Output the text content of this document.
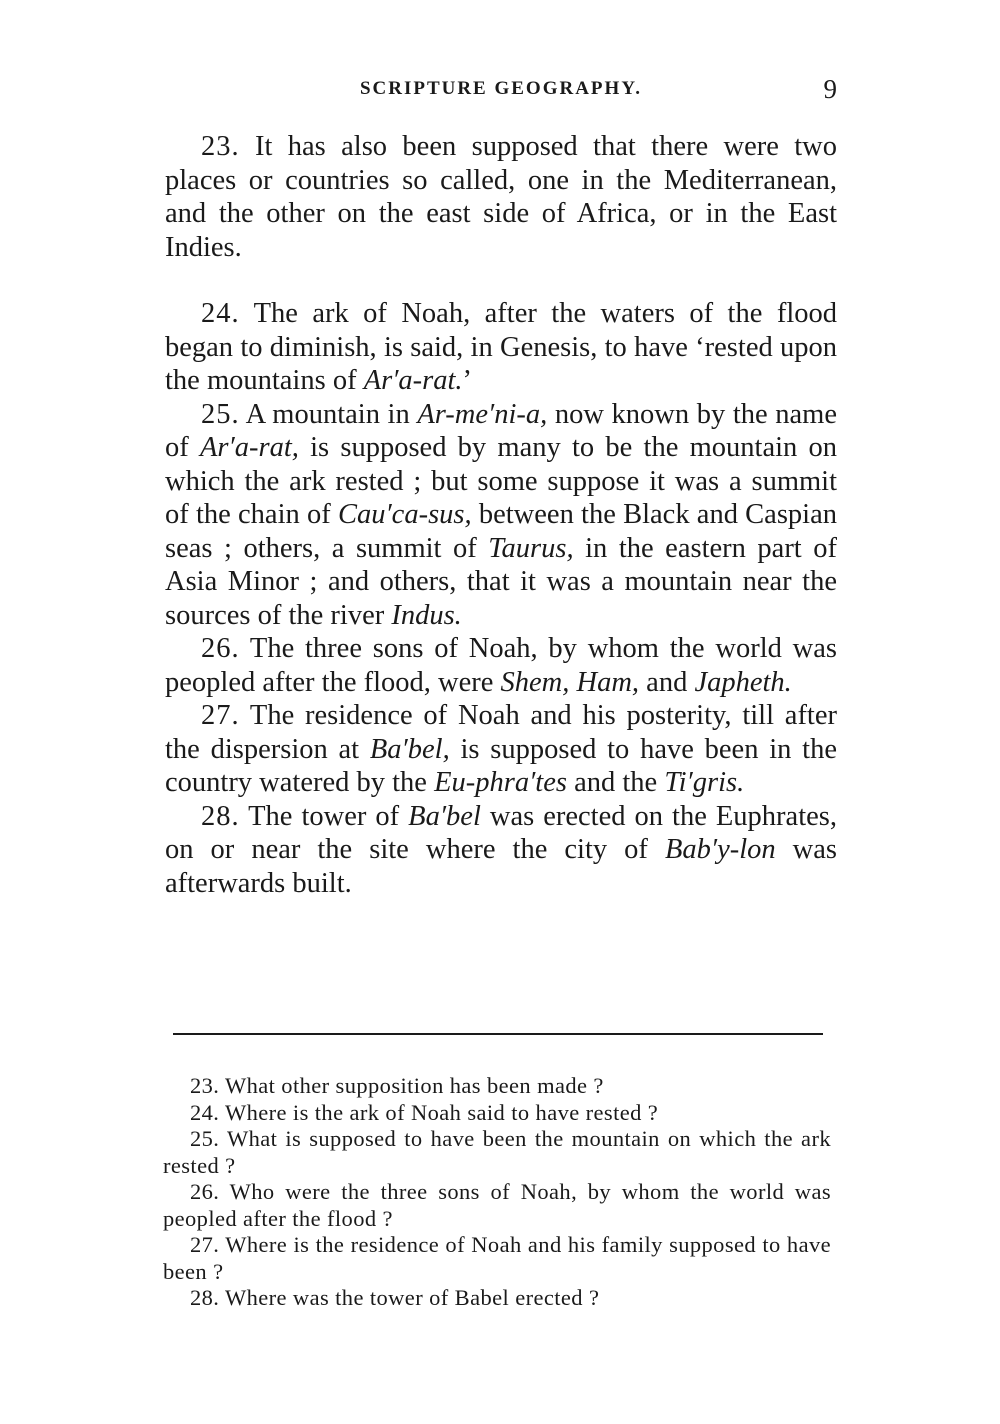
SCRIPTURE GEOGRAPHY.	9

23. It has also been supposed that there were two places or countries so called, one in the Mediterranean, and the other on the east side of Africa, or in the East Indies.

24. The ark of Noah, after the waters of the flood began to diminish, is said, in Genesis, to have ‘rested upon the mountains of Ar′a-rat.’

25. A mountain in Ar-me′ni-a, now known by the name of Ar′a-rat, is supposed by many to be the mountain on which the ark rested ; but some suppose it was a summit of the chain of Cau′ca-sus, between the Black and Caspian seas ; others, a summit of Taurus, in the eastern part of Asia Minor ; and others, that it was a mountain near the sources of the river Indus.

26. The three sons of Noah, by whom the world was peopled after the flood, were Shem, Ham, and Japheth.

27. The residence of Noah and his posterity, till after the dispersion at Ba′bel, is supposed to have been in the country watered by the Eu-phra′tes and the Ti′gris.

28. The tower of Ba′bel was erected on the Euphrates, on or near the site where the city of Bab′y-lon was afterwards built.

23. What other supposition has been made ?

24. Where is the ark of Noah said to have rested ?

25. What is supposed to have been the mountain on which the ark rested ?

26. Who were the three sons of Noah, by whom the world was peopled after the flood ?

27. Where is the residence of Noah and his family supposed to have been ?

28. Where was the tower of Babel erected ?
